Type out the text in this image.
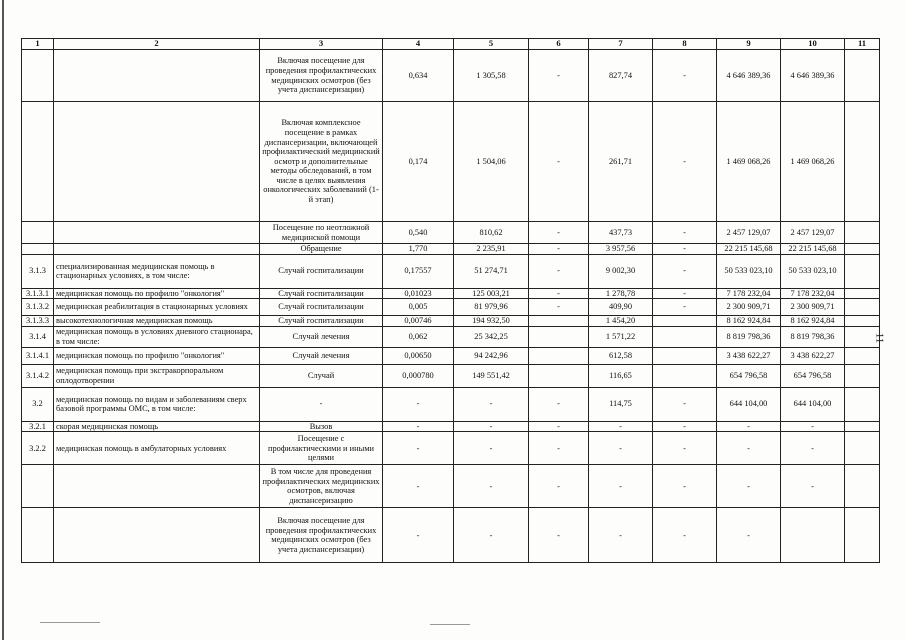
1	2	3	4	5	6	7	8	9	10	11
		Включая посещение для проведения профилактических медицинских осмотров (без учета диспансеризации)	0,634	1 305,58	-	827,74	-	4 646 389,36	4 646 389,36	
		Включая комплексное посещение в рамках диспансеризации, включающей профилактический медицинский осмотр и дополнительные методы обследований, в том числе в целях выявления онкологических заболеваний (1-й этап)	0,174	1 504,06	-	261,71	-	1 469 068,26	1 469 068,26	
		Посещение по неотложной медицинской помощи	0,540	810,62	-	437,73	-	2 457 129,07	2 457 129,07	
		Обращение	1,770	2 235,91	-	3 957,56	-	22 215 145,68	22 215 145,68	
3.1.3	специализированная медицинская помощь в стационарных условиях, в том числе:	Случай госпитализации	0,17557	51 274,71	-	9 002,30	-	50 533 023,10	50 533 023,10	
3.1.3.1	медицинская помощь по профилю "онкология"	Случай госпитализации	0,01023	125 003,21	-	1 278,78	-	7 178 232,04	7 178 232,04	
3.1.3.2	медицинская реабилитация в стационарных условиях	Случай госпитализации	0,005	81 979,96	-	409,90	-	2 300 909,71	2 300 909,71	
3.1.3.3	высокотехнологичная медицинская помощь	Случай госпитализации	0,00746	194 932,50		1 454,20		8 162 924,84	8 162 924,84	
3.1.4	медицинская помощь в условиях дневного стационара, в том числе:	Случай лечения	0,062	25 342,25		1 571,22		8 819 798,36	8 819 798,36	
3.1.4.1	медицинская помощь по профилю "онкология"	Случай лечения	0,00650	94 242,96		612,58		3 438 622,27	3 438 622,27	
3.1.4.2	медицинская помощь при экстракорпоральном оплодотворении	Случай	0,000780	149 551,42		116,65		654 796,58	654 796,58	
3.2	медицинская помощь по видам и заболеваниям сверх базовой программы ОМС, в том числе:	-	-	-	-	114,75	-	644 104,00	644 104,00	
3.2.1	скорая медицинская помощь	Вызов	-	-	-	-	-	-	-	
3.2.2	медицинская помощь в амбулаторных условиях	Посещение с профилактическими и иными целями	-	-	-	-	-	-	-	
		В том числе для проведения профилактических медицинских осмотров, включая диспансеризацию	-	-	-	-	-	-	-	
		Включая посещение для проведения профилактических медицинских осмотров (без учета диспансеризации)	-	-	-	-	-	-		
11
